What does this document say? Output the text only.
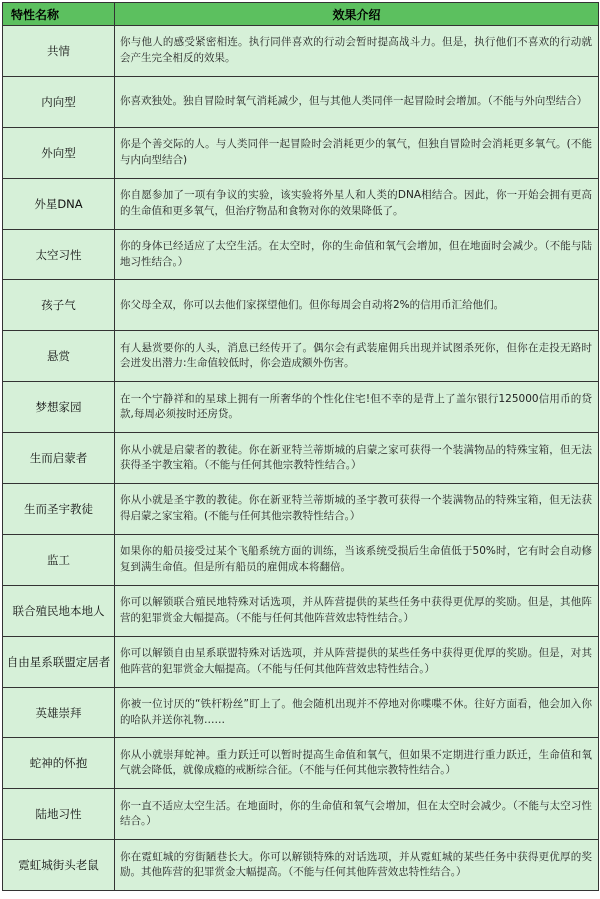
特性名称	效果介绍
共情	你与他人的感受紧密相连。执行同伴喜欢的行动会暂时提高战斗力。但是，执行他们不喜欢的行动就会产生完全相反的效果。
内向型	你喜欢独处。独自冒险时氧气消耗减少，但与其他人类同伴一起冒险时会增加。（不能与外向型结合）
外向型	你是个善交际的人。与人类同伴一起冒险时会消耗更少的氧气，但独自冒险时会消耗更多氧气。(不能与内向型结合)
外星DNA	你自愿参加了一项有争议的实验，该实验将外星人和人类的DNA相结合。因此，你一开始会拥有更高的生命值和更多氧气，但治疗物品和食物对你的效果降低了。
太空习性	你的身体已经适应了太空生活。在太空时，你的生命值和氧气会增加，但在地面时会减少。（不能与陆地习性结合。）
孩子气	你父母全双，你可以去他们家探望他们。但你每周会自动将2%的信用币汇给他们。
悬赏	有人悬赏要你的人头，消息已经传开了。偶尔会有武装雇佣兵出现并试图杀死你，但你在走投无路时会迸发出潜力:生命值较低时，你会造成额外伤害。
梦想家园	在一个宁静祥和的星球上拥有一所奢华的个性化住宅!但不幸的是背上了盖尔银行125000信用币的贷款,每周必须按时还房贷。
生而启蒙者	你从小就是启蒙者的教徒。你在新亚特兰蒂斯城的启蒙之家可获得一个装满物品的特殊宝箱，但无法获得圣宇教宝箱。（不能与任何其他宗教特性结合。）
生而圣宇教徒	你从小就是圣宇教的教徒。你在新亚特兰蒂斯城的圣宇教可获得一个装满物品的特殊宝箱，但无法获得启蒙之家宝箱。(不能与任何其他宗教特性结合。）
监工	如果你的船员接受过某个飞船系统方面的训练，当该系统受损后生命值低于50%时，它有时会自动修复到满生命值。但是所有船员的雇佣成本将翻倍。
联合殖民地本地人	你可以解锁联合殖民地特殊对话选项，并从阵营提供的某些任务中获得更优厚的奖励。但是，其他阵营的犯罪赏金大幅提高。（不能与任何其他阵营效忠特性结合。）
自由星系联盟定居者	你可以解锁自由星系联盟特殊对话选项，并从阵营提供的某些任务中获得更优厚的奖励。但是，对其他阵营的犯罪赏金大幅提高。（不能与任何其他阵营效忠特性结合。）
英雄崇拜	你被一位讨厌的“铁杆粉丝”盯上了。他会随机出现并不停地对你喋喋不休。往好方面看，他会加入你的哈队并送你礼物……
蛇神的怀抱	你从小就崇拜蛇神。重力跃迁可以暂时提高生命值和氧气，但如果不定期进行重力跃迁，生命值和氧气就会降低，就像成瘾的戒断综合征。（不能与任何其他宗教特性结合。）
陆地习性	你一直不适应太空生活。在地面时，你的生命值和氧气会增加，但在太空时会减少。（不能与太空习性结合。）
霓虹城街头老鼠	你在霓虹城的穷街陋巷长大。你可以解锁特殊的对话选项，并从霓虹城的某些任务中获得更优厚的奖励。其他阵营的犯罪赏金大幅提高。（不能与任何其他阵营效忠特性结合。）
